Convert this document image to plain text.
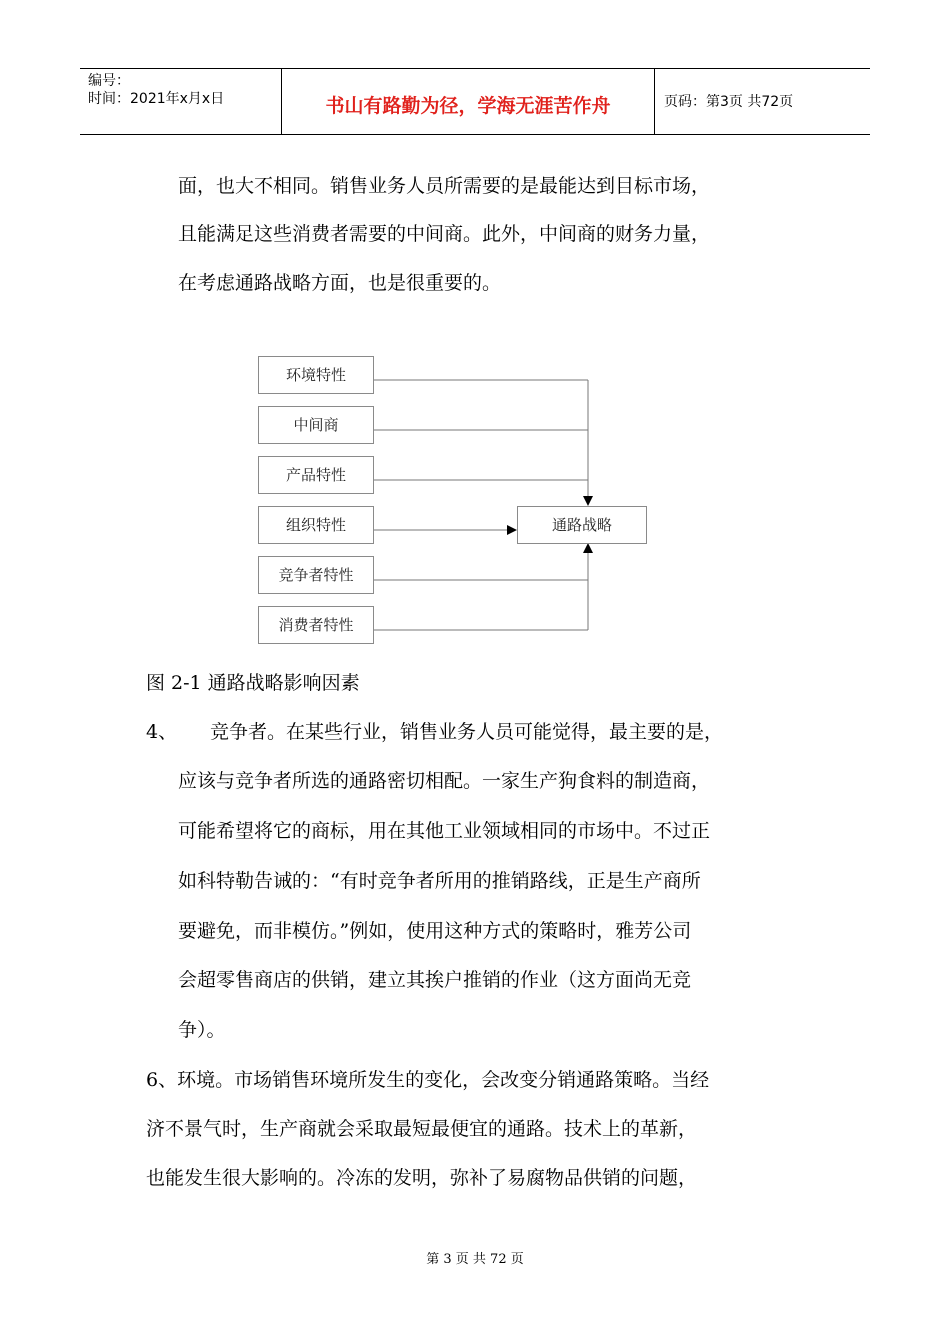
编号：
时间：2021年x月x日	书山有路勤为径，学海无涯苦作舟	页码：第3页 共72页
面，也大不相同。销售业务人员所需要的是最能达到目标市场，
且能满足这些消费者需要的中间商。此外，中间商的财务力量，
在考虑通路战略方面，也是很重要的。
环境特性
中间商
产品特性
组织特性
竞争者特性
消费者特性
通路战略
图 2-1 通路战略影响因素
4、 竞争者。在某些行业，销售业务人员可能觉得，最主要的是，
应该与竞争者所选的通路密切相配。一家生产狗食料的制造商，
可能希望将它的商标，用在其他工业领域相同的市场中。不过正
如科特勒告诫的：“有时竞争者所用的推销路线，正是生产商所
要避免，而非模仿。”例如，使用这种方式的策略时，雅芳公司
会超零售商店的供销，建立其挨户推销的作业（这方面尚无竞
争）。
6、环境。市场销售环境所发生的变化，会改变分销通路策略。当经
济不景气时，生产商就会采取最短最便宜的通路。技术上的革新，
也能发生很大影响的。冷冻的发明，弥补了易腐物品供销的问题，
第 3 页 共 72 页
